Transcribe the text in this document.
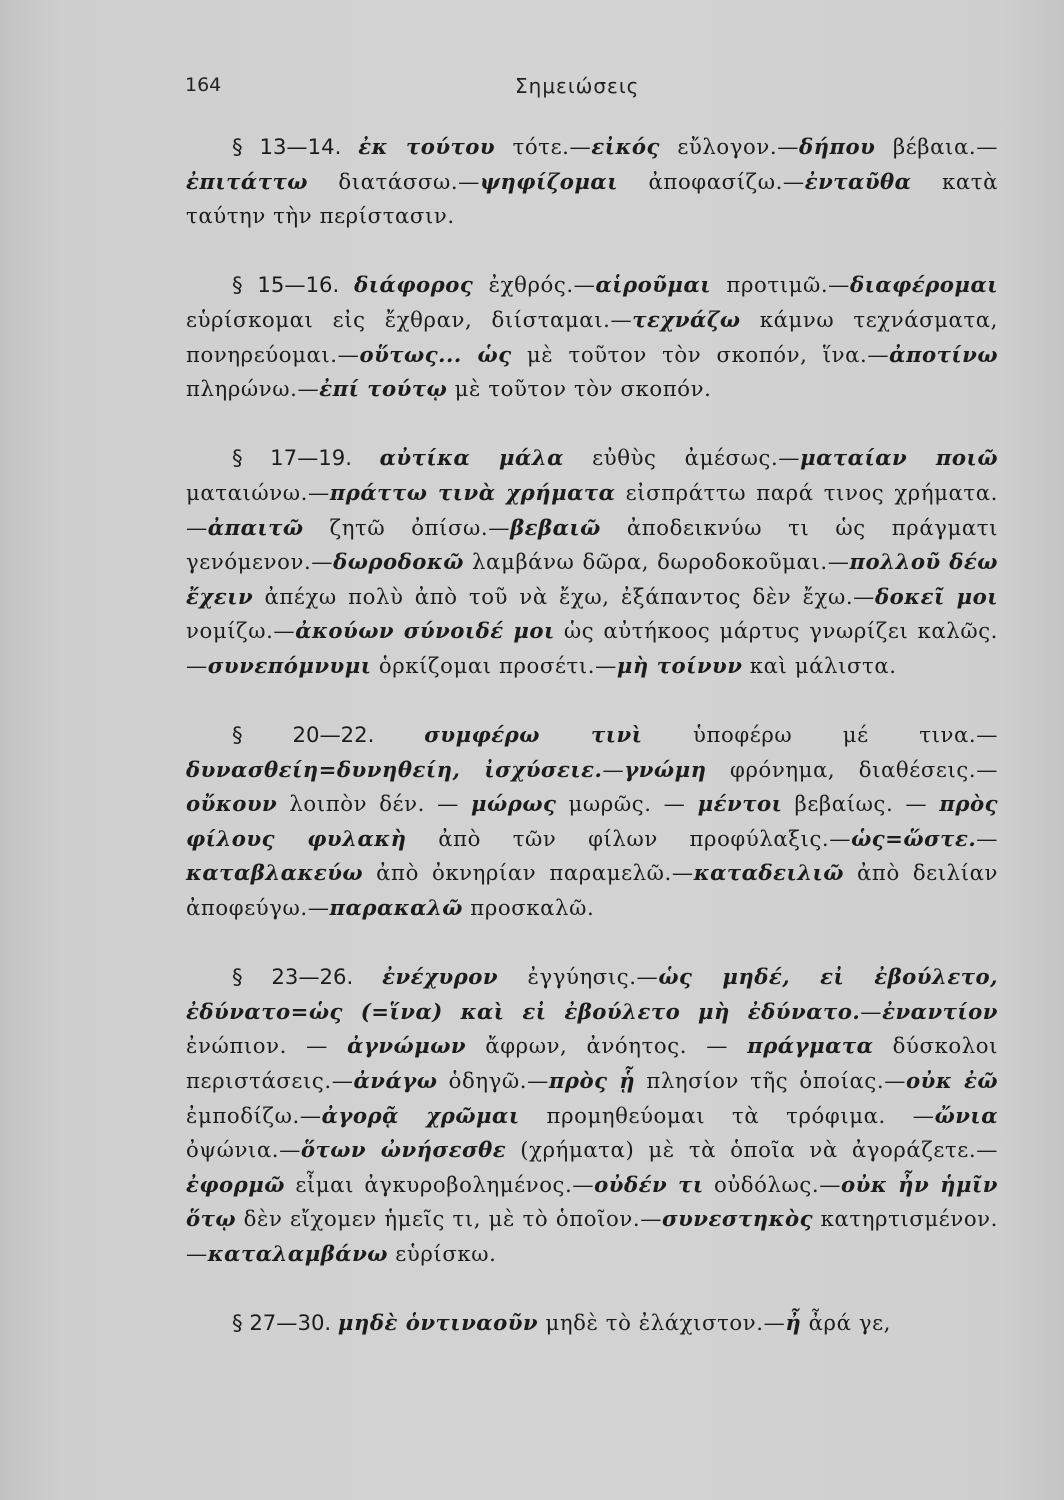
164	Σημειώσεις

§ 13—14. ἐκ τούτου τότε.—εἰκός εὔλογον.—δήπου βέβαια.—ἐπιτάττω διατάσσω.—ψηφίζομαι ἀποφασίζω.—ἐνταῦθα κατὰ ταύτην τὴν περίστασιν.

§ 15—16. διάφορος ἐχθρός.—αἱροῦμαι προτιμῶ.—διαφέρομαι εὑρίσκομαι εἰς ἔχθραν, διίσταμαι.—τεχνάζω κάμνω τεχνάσματα, πονηρεύομαι.—οὕτως... ὡς μὲ τοῦτον τὸν σκοπόν, ἵνα.—ἀποτίνω πληρώνω.—ἐπί τούτῳ μὲ τοῦτον τὸν σκοπόν.

§ 17—19. αὐτίκα μάλα εὐθὺς ἀμέσως.—ματαίαν ποιῶ ματαιώνω.—πράττω τινὰ χρήματα εἰσπράττω παρά τινος χρήματα.—ἀπαιτῶ ζητῶ ὀπίσω.—βεβαιῶ ἀποδεικνύω τι ὡς πράγματι γενόμενον.—δωροδοκῶ λαμβάνω δῶρα, δωροδοκοῦμαι.—πολλοῦ δέω ἔχειν ἀπέχω πολὺ ἀπὸ τοῦ νὰ ἔχω, ἐξάπαντος δὲν ἔχω.—δοκεῖ μοι νομίζω.—ἀκούων σύνοιδέ μοι ὡς αὐτήκοος μάρτυς γνωρίζει καλῶς.—συνεπόμνυμι ὁρκίζομαι προσέτι.—μὴ τοίνυν καὶ μάλιστα.

§ 20—22. συμφέρω τινὶ ὑποφέρω μέ τινα.—δυνασθείη=δυνηθείη, ἰσχύσειε.—γνώμη φρόνημα, διαθέσεις.—οὔκουν λοιπὸν δέν. — μώρως μωρῶς. — μέντοι βεβαίως. — πρὸς φίλους φυλακὴ ἀπὸ τῶν φίλων προφύλαξις.—ὡς=ὥστε.—καταβλακεύω ἀπὸ ὀκνηρίαν παραμελῶ.—καταδειλιῶ ἀπὸ δειλίαν ἀποφεύγω.—παρακαλῶ προσκαλῶ.

§ 23—26. ἐνέχυρον ἐγγύησις.—ὡς μηδέ, εἰ ἐβούλετο, ἐδύνατο=ὡς (=ἵνα) καὶ εἰ ἐβούλετο μὴ ἐδύνατο.—ἐναντίον ἐνώπιον. — ἀγνώμων ἄφρων, ἀνόητος. — πράγματα δύσκολοι περιστάσεις.—ἀνάγω ὁδηγῶ.—πρὸς ᾗ πλησίον τῆς ὁποίας.—οὐκ ἐῶ ἐμποδίζω.—ἀγορᾷ χρῶμαι προμηθεύομαι τὰ τρόφιμα. —ὤνια ὀψώνια.—ὅτων ὠνήσεσθε (χρήματα) μὲ τὰ ὁποῖα νὰ ἀγοράζετε.—ἐφορμῶ εἶμαι ἀγκυροβολημένος.—οὐδέν τι οὐδόλως.—οὐκ ἦν ἡμῖν ὅτῳ δὲν εἴχομεν ἡμεῖς τι, μὲ τὸ ὁποῖον.—συνεστηκὸς κατηρτισμένον.—καταλαμβάνω εὑρίσκω.

§ 27—30. μηδὲ ὁντιναοῦν μηδὲ τὸ ἐλάχιστον.—ἦ ἆρά γε,
